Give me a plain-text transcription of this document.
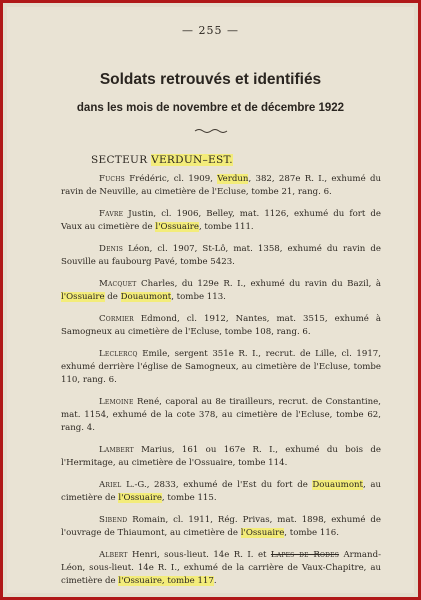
— 255 —
Soldats retrouvés et identifiés
dans les mois de novembre et de décembre 1922
SECTEUR VERDUN–EST.

Fuchs Frédéric, cl. 1909, Verdun, 382, 287e R. I., exhumé du ravin de Neuville, au cimetière de l'Ecluse, tombe 21, rang. 6.

Favre Justin, cl. 1906, Belley, mat. 1126, exhumé du fort de Vaux au cimetière de l'Ossuaire, tombe 111.

Denis Léon, cl. 1907, St-Lô, mat. 1358, exhumé du ravin de Souville au faubourg Pavé, tombe 5423.

Macquet Charles, du 129e R. I., exhumé du ravin du Bazil, à l'Ossuaire de Douaumont, tombe 113.

Cormier Edmond, cl. 1912, Nantes, mat. 3515, exhumé à Samogneux au cimetière de l'Ecluse, tombe 108, rang. 6.

Leclercq Emile, sergent 351e R. I., recrut. de Lille, cl. 1917, exhumé derrière l'église de Samogneux, au cimetière de l'Ecluse, tombe 110, rang. 6.

Lemoine René, caporal au 8e tirailleurs, recrut. de Constantine, mat. 1154, exhumé de la cote 378, au cimetière de l'Ecluse, tombe 62, rang. 4.

Lambert Marius, 161 ou 167e R. I., exhumé du bois de l'Hermitage, au cimetière de l'Ossuaire, tombe 114.

Ariel L.-G., 2833, exhumé de l'Est du fort de Douaumont, au cimetière de l'Ossuaire, tombe 115.

Sibend Romain, cl. 1911, Rég. Privas, mat. 1898, exhumé de l'ouvrage de Thiaumont, au cimetière de l'Ossuaire, tombe 116.

Albert Henri, sous-lieut. 14e R. I. et Lapes de Rodes Armand-Léon, sous-lieut. 14e R. I., exhumé de la carrière de Vaux-Chapitre, au cimetière de l'Ossuaire, tombe 117.
